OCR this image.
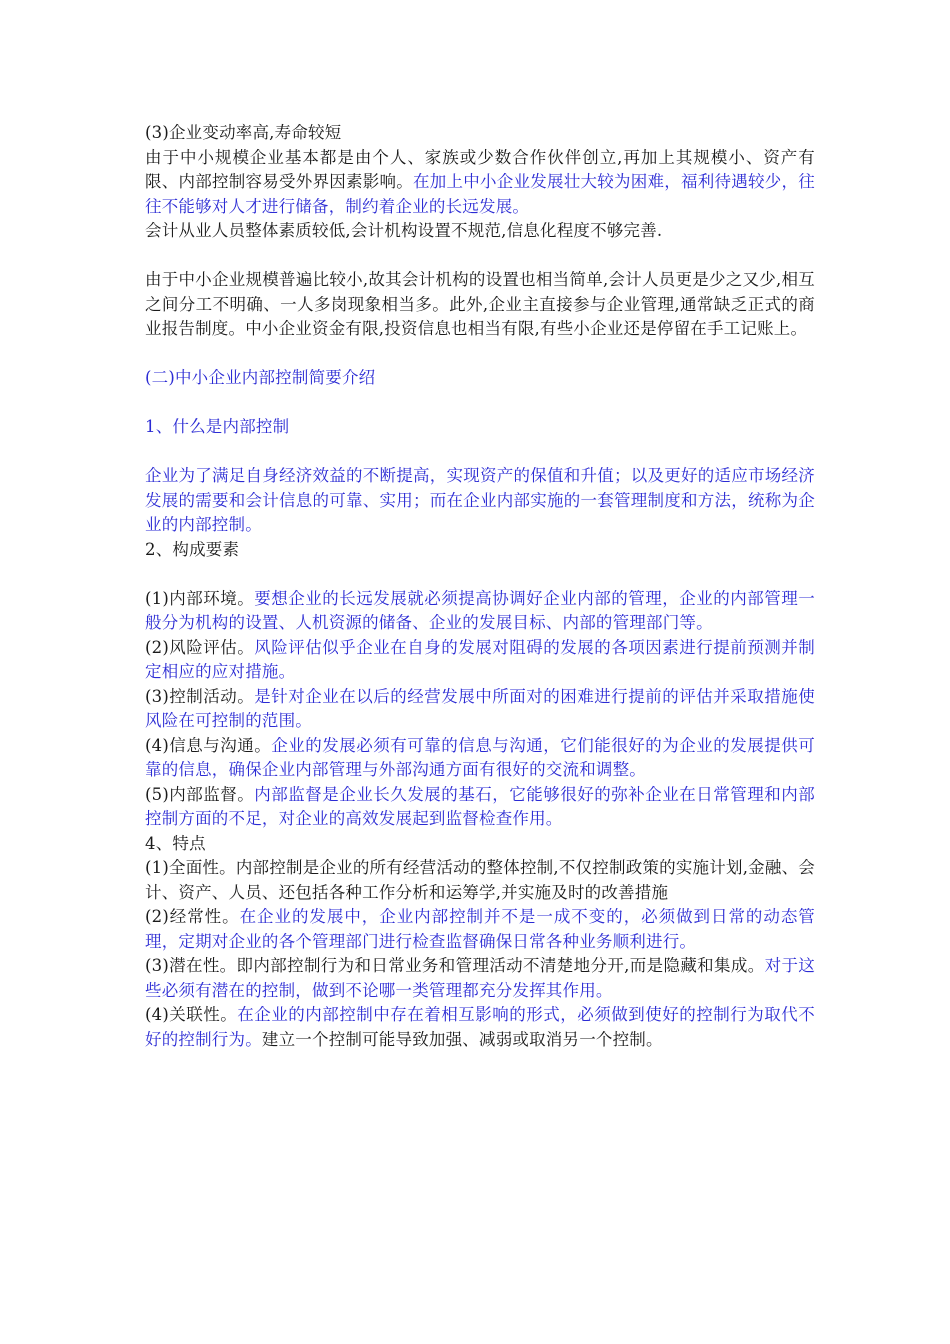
(3)企业变动率高,寿命较短

由于中小规模企业基本都是由个人、家族或少数合作伙伴创立,再加上其规模小、资产有限、内部控制容易受外界因素影响。在加上中小企业发展壮大较为困难，福利待遇较少，往往不能够对人才进行储备，制约着企业的长远发展。

会计从业人员整体素质较低,会计机构设置不规范,信息化程度不够完善.

由于中小企业规模普遍比较小,故其会计机构的设置也相当简单,会计人员更是少之又少,相互之间分工不明确、一人多岗现象相当多。此外,企业主直接参与企业管理,通常缺乏正式的商业报告制度。中小企业资金有限,投资信息也相当有限,有些小企业还是停留在手工记账上。

(二)中小企业内部控制简要介绍

1、什么是内部控制

企业为了满足自身经济效益的不断提高，实现资产的保值和升值；以及更好的适应市场经济发展的需要和会计信息的可靠、实用；而在企业内部实施的一套管理制度和方法，统称为企业的内部控制。

2、构成要素

(1)内部环境。要想企业的长远发展就必须提高协调好企业内部的管理，企业的内部管理一般分为机构的设置、人机资源的储备、企业的发展目标、内部的管理部门等。

(2)风险评估。风险评估似乎企业在自身的发展对阻碍的发展的各项因素进行提前预测并制定相应的应对措施。

(3)控制活动。是针对企业在以后的经营发展中所面对的困难进行提前的评估并采取措施使风险在可控制的范围。

(4)信息与沟通。企业的发展必须有可靠的信息与沟通，它们能很好的为企业的发展提供可靠的信息，确保企业内部管理与外部沟通方面有很好的交流和调整。

(5)内部监督。内部监督是企业长久发展的基石，它能够很好的弥补企业在日常管理和内部控制方面的不足，对企业的高效发展起到监督检查作用。

4、特点

(1)全面性。内部控制是企业的所有经营活动的整体控制,不仅控制政策的实施计划,金融、会计、资产、人员、还包括各种工作分析和运筹学,并实施及时的改善措施

(2)经常性。在企业的发展中，企业内部控制并不是一成不变的，必须做到日常的动态管理，定期对企业的各个管理部门进行检查监督确保日常各种业务顺利进行。

(3)潜在性。即内部控制行为和日常业务和管理活动不清楚地分开,而是隐藏和集成。对于这些必须有潜在的控制，做到不论哪一类管理都充分发挥其作用。

(4)关联性。在企业的内部控制中存在着相互影响的形式，必须做到使好的控制行为取代不好的控制行为。建立一个控制可能导致加强、减弱或取消另一个控制。
